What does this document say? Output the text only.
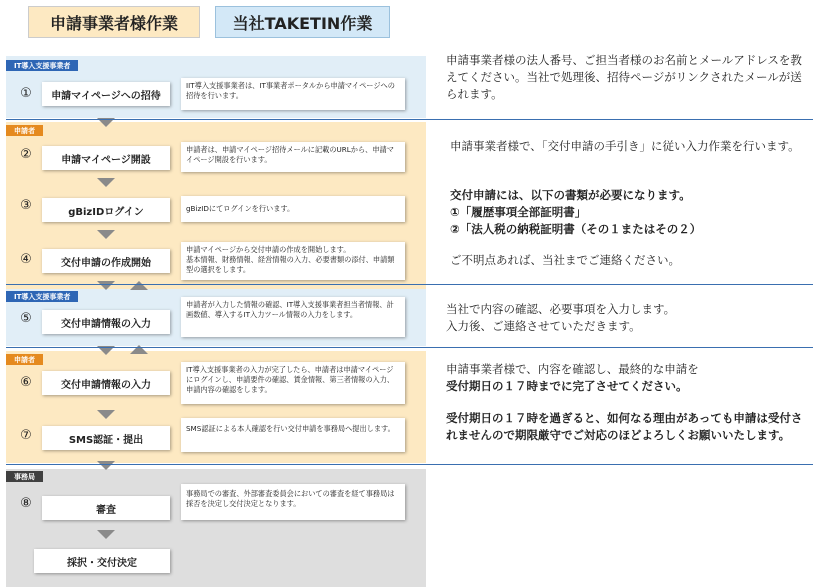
申請事業者様作業	当社TAKETIN作業
IT導入支援事業者
申請者
IT導入支援事業者
申請者
事務局
①	申請マイページへの招待
IIT導入支援事業者は、IT事業者ポータルから申請マイページへの招待を行います。
②	申請マイページ開設
申請者は、申請マイページ招待メールに記載のURLから、申請マイページ開設を行います。
③	gBizIDログイン	gBizIDにてログインを行います。
④	交付申請の作成開始
申請マイページから交付申請の作成を開始します。
基本情報、財務情報、経営情報の入力、必要書類の添付、申請類型の選択をします。
⑤	交付申請情報の入力
申請者が入力した情報の確認、IT導入支援事業者担当者情報、計画数値、導入するIT入力ツール情報の入力をします。
⑥	交付申請情報の入力
IT導入支援事業者の入力が完了したら、申請者は申請マイページにログインし、申請要件の確認、賃金情報、第三者情報の入力、申請内容の確認をします。
⑦	SMS認証・提出
SMS認証による本人確認を行い交付申請を事務局へ提出します。
⑧	審査
事務局での審査、外部審査委員会においての審査を経て事務局は採否を決定し交付決定となります。
採択・交付決定
申請事業者様の法人番号、ご担当者様のお名前とメールアドレスを教えてください。当社で処理後、招待ページがリンクされたメールが送られます。
申請事業者様で、「交付申請の手引き」に従い入力作業を行います。
交付申請には、以下の書類が必要になります。
①「履歴事項全部証明書」
②「法人税の納税証明書（その１またはその２）
ご不明点あれば、当社までご連絡ください。
当社で内容の確認、必要事項を入力します。
入力後、ご連絡させていただきます。
申請事業者様で、内容を確認し、最終的な申請を
受付期日の１７時までに完了させてください。
受付期日の１７時を過ぎると、如何なる理由があっても申請は受付されませんので期限厳守でご対応のほどよろしくお願いいたします。
